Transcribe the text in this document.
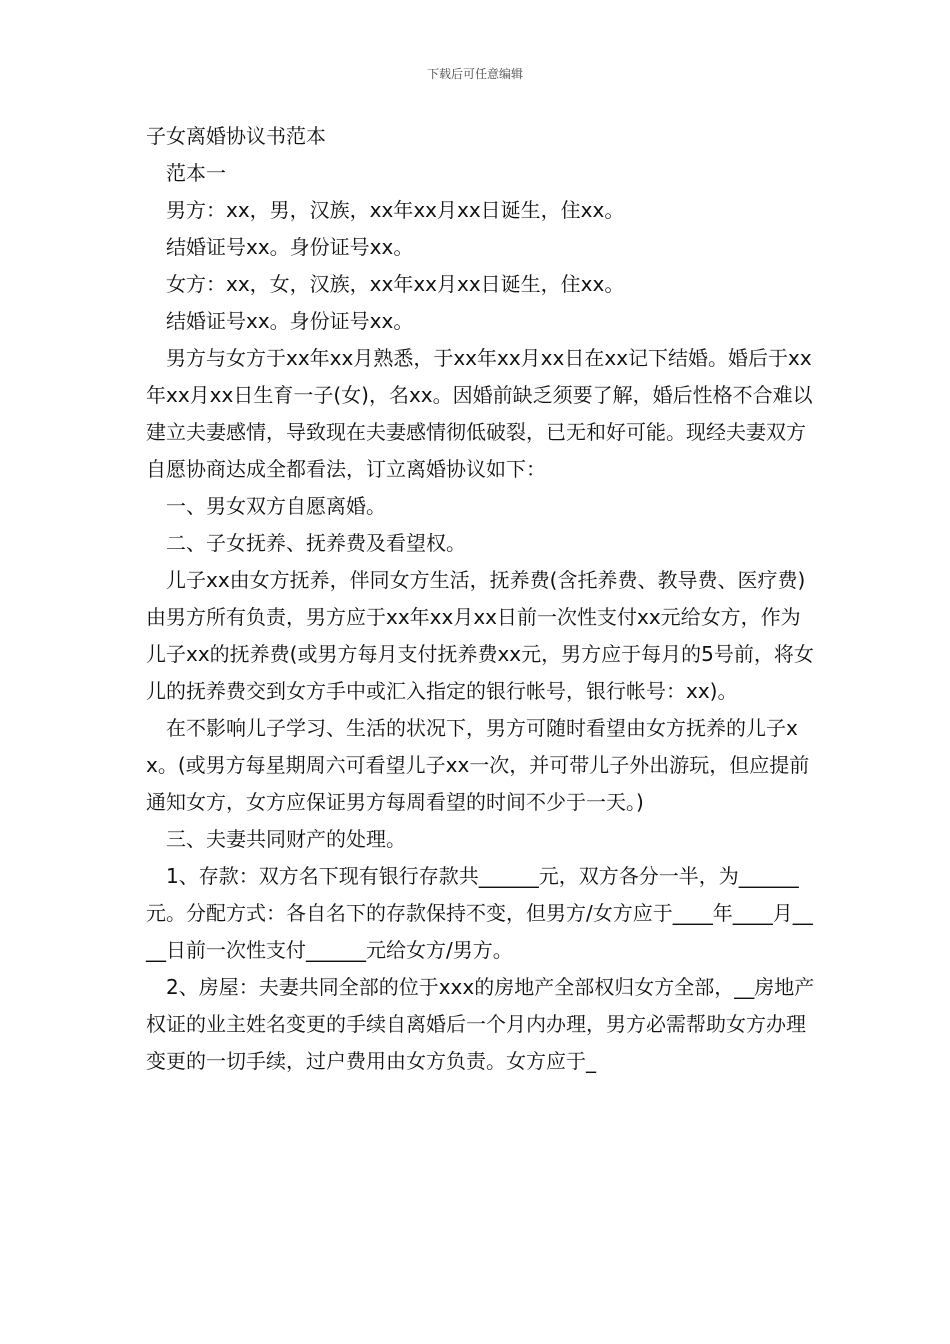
下载后可任意编辑
子女离婚协议书范本

范本一

男方：xx，男，汉族，xx年xx月xx日诞生，住xx。

结婚证号xx。身份证号xx。

女方：xx，女，汉族，xx年xx月xx日诞生，住xx。

结婚证号xx。身份证号xx。

男方与女方于xx年xx月熟悉，于xx年xx月xx日在xx记下结婚。婚后于xx年xx月xx日生育一子(女)，名xx。因婚前缺乏须要了解，婚后性格不合难以建立夫妻感情，导致现在夫妻感情彻低破裂，已无和好可能。现经夫妻双方自愿协商达成全都看法，订立离婚协议如下：

一、男女双方自愿离婚。

二、子女抚养、抚养费及看望权。

儿子xx由女方抚养，伴同女方生活，抚养费(含托养费、教导费、医疗费)由男方所有负责，男方应于xx年xx月xx日前一次性支付xx元给女方，作为儿子xx的抚养费(或男方每月支付抚养费xx元，男方应于每月的5号前，将女儿的抚养费交到女方手中或汇入指定的银行帐号，银行帐号：xx)。

在不影响儿子学习、生活的状况下，男方可随时看望由女方抚养的儿子xx。(或男方每星期周六可看望儿子xx一次，并可带儿子外出游玩，但应提前通知女方，女方应保证男方每周看望的时间不少于一天。)

三、夫妻共同财产的处理。

1、存款：双方名下现有银行存款共______元，双方各分一半，为______元。分配方式：各自名下的存款保持不变，但男方/女方应于____年____月____日前一次性支付______元给女方/男方。

2、房屋：夫妻共同全部的位于xxx的房地产全部权归女方全部，__房地产权证的业主姓名变更的手续自离婚后一个月内办理，男方必需帮助女方办理变更的一切手续，过户费用由女方负责。女方应于_
